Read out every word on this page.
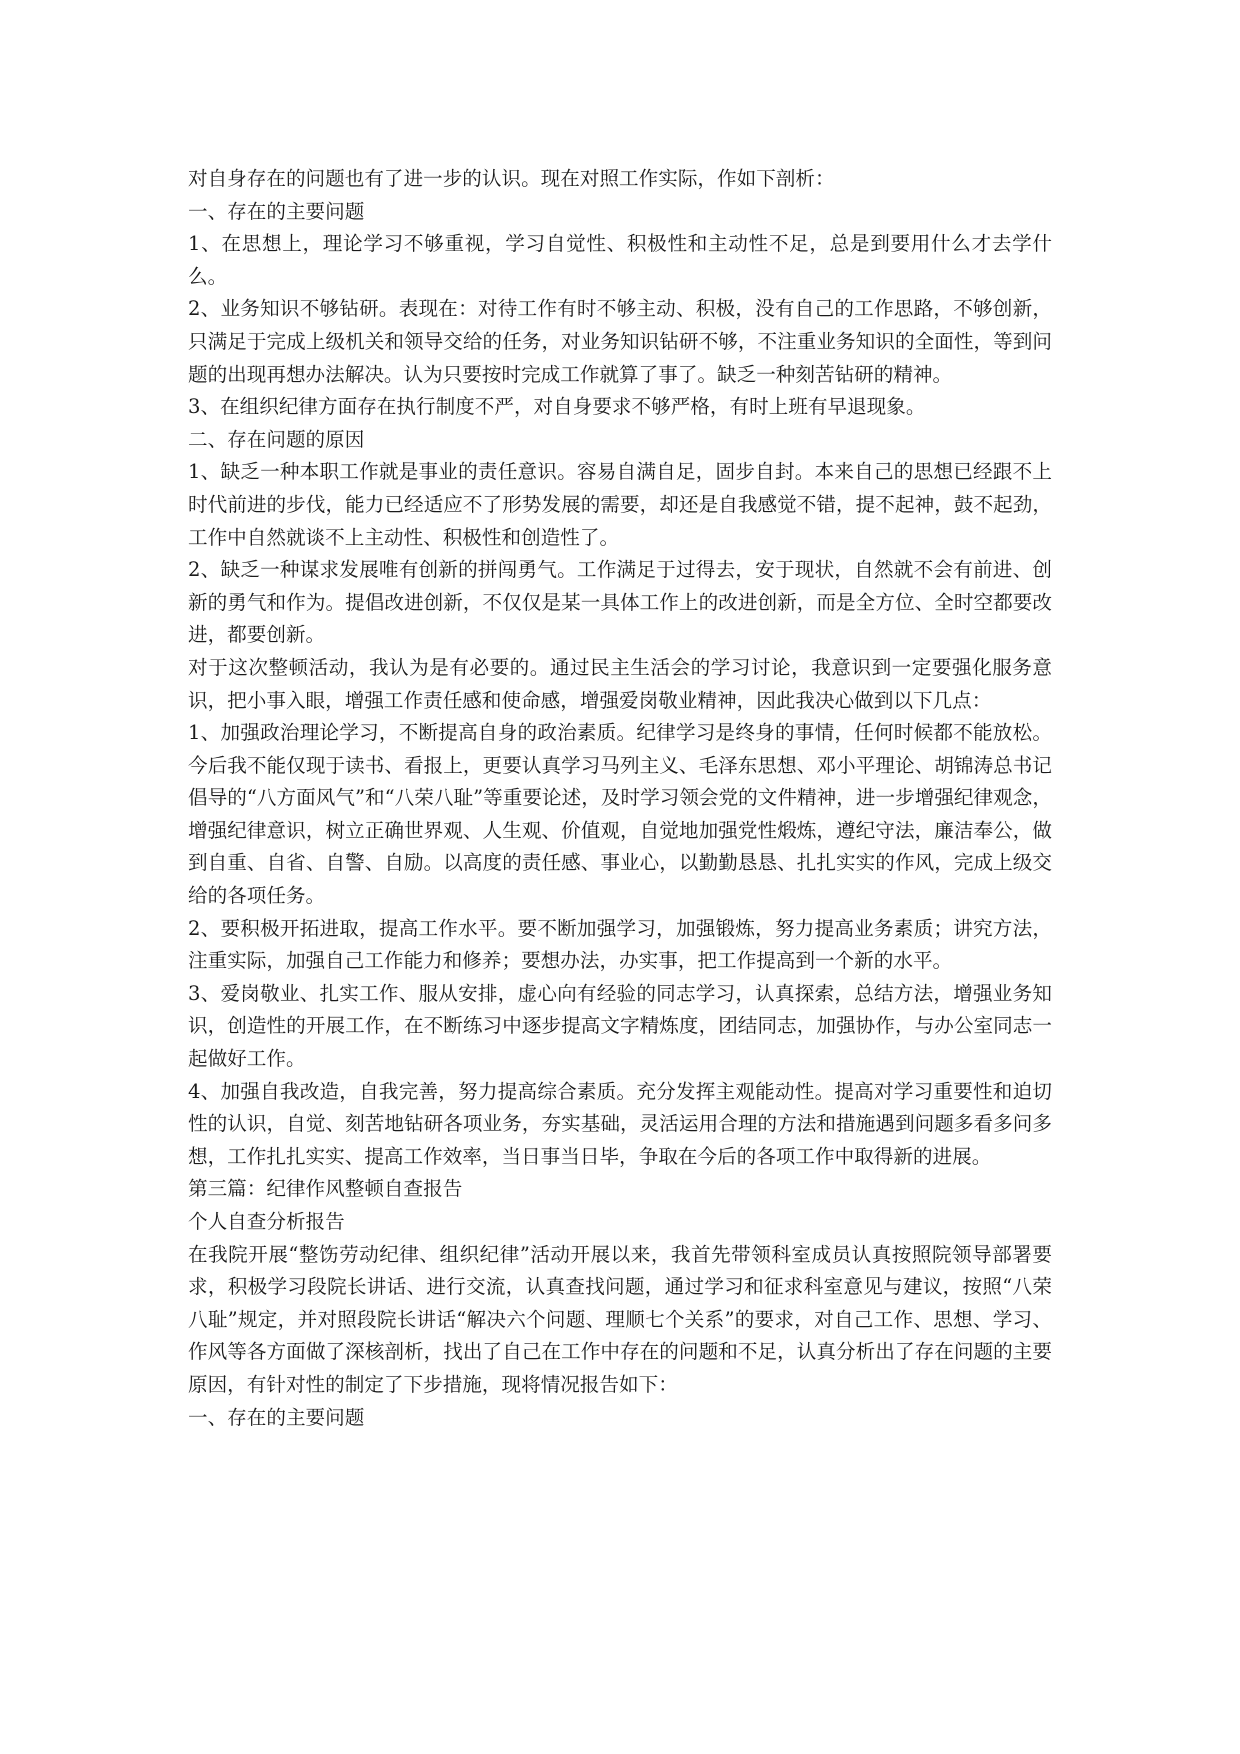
对自身存在的问题也有了进一步的认识。现在对照工作实际，作如下剖析：

一、存在的主要问题

1、在思想上，理论学习不够重视，学习自觉性、积极性和主动性不足，总是到要用什么才去学什么。

2、业务知识不够钻研。表现在：对待工作有时不够主动、积极，没有自己的工作思路，不够创新，只满足于完成上级机关和领导交给的任务，对业务知识钻研不够，不注重业务知识的全面性，等到问题的出现再想办法解决。认为只要按时完成工作就算了事了。缺乏一种刻苦钻研的精神。

3、在组织纪律方面存在执行制度不严，对自身要求不够严格，有时上班有早退现象。

二、存在问题的原因

1、缺乏一种本职工作就是事业的责任意识。容易自满自足，固步自封。本来自己的思想已经跟不上时代前进的步伐，能力已经适应不了形势发展的需要，却还是自我感觉不错，提不起神，鼓不起劲，工作中自然就谈不上主动性、积极性和创造性了。

2、缺乏一种谋求发展唯有创新的拼闯勇气。工作满足于过得去，安于现状，自然就不会有前进、创新的勇气和作为。提倡改进创新，不仅仅是某一具体工作上的改进创新，而是全方位、全时空都要改进，都要创新。

对于这次整顿活动，我认为是有必要的。通过民主生活会的学习讨论，我意识到一定要强化服务意识，把小事入眼，增强工作责任感和使命感，增强爱岗敬业精神，因此我决心做到以下几点：

1、加强政治理论学习，不断提高自身的政治素质。纪律学习是终身的事情，任何时候都不能放松。今后我不能仅现于读书、看报上，更要认真学习马列主义、毛泽东思想、邓小平理论、胡锦涛总书记倡导的“八方面风气”和“八荣八耻”等重要论述，及时学习领会党的文件精神，进一步增强纪律观念，增强纪律意识，树立正确世界观、人生观、价值观，自觉地加强党性煅炼，遵纪守法，廉洁奉公，做到自重、自省、自警、自励。以高度的责任感、事业心，以勤勤恳恳、扎扎实实的作风，完成上级交给的各项任务。

2、要积极开拓进取，提高工作水平。要不断加强学习，加强锻炼，努力提高业务素质；讲究方法，注重实际，加强自己工作能力和修养；要想办法，办实事，把工作提高到一个新的水平。

3、爱岗敬业、扎实工作、服从安排，虚心向有经验的同志学习，认真探索，总结方法，增强业务知识，创造性的开展工作，在不断练习中逐步提高文字精炼度，团结同志，加强协作，与办公室同志一起做好工作。

4、加强自我改造，自我完善，努力提高综合素质。充分发挥主观能动性。提高对学习重要性和迫切性的认识，自觉、刻苦地钻研各项业务，夯实基础，灵活运用合理的方法和措施遇到问题多看多问多想，工作扎扎实实、提高工作效率，当日事当日毕，争取在今后的各项工作中取得新的进展。

第三篇：纪律作风整顿自查报告

个人自查分析报告

在我院开展“整饬劳动纪律、组织纪律”活动开展以来，我首先带领科室成员认真按照院领导部署要求，积极学习段院长讲话、进行交流，认真查找问题，通过学习和征求科室意见与建议，按照“八荣八耻”规定，并对照段院长讲话“解决六个问题、理顺七个关系”的要求，对自己工作、思想、学习、作风等各方面做了深核剖析，找出了自己在工作中存在的问题和不足，认真分析出了存在问题的主要原因，有针对性的制定了下步措施，现将情况报告如下：

一、存在的主要问题
